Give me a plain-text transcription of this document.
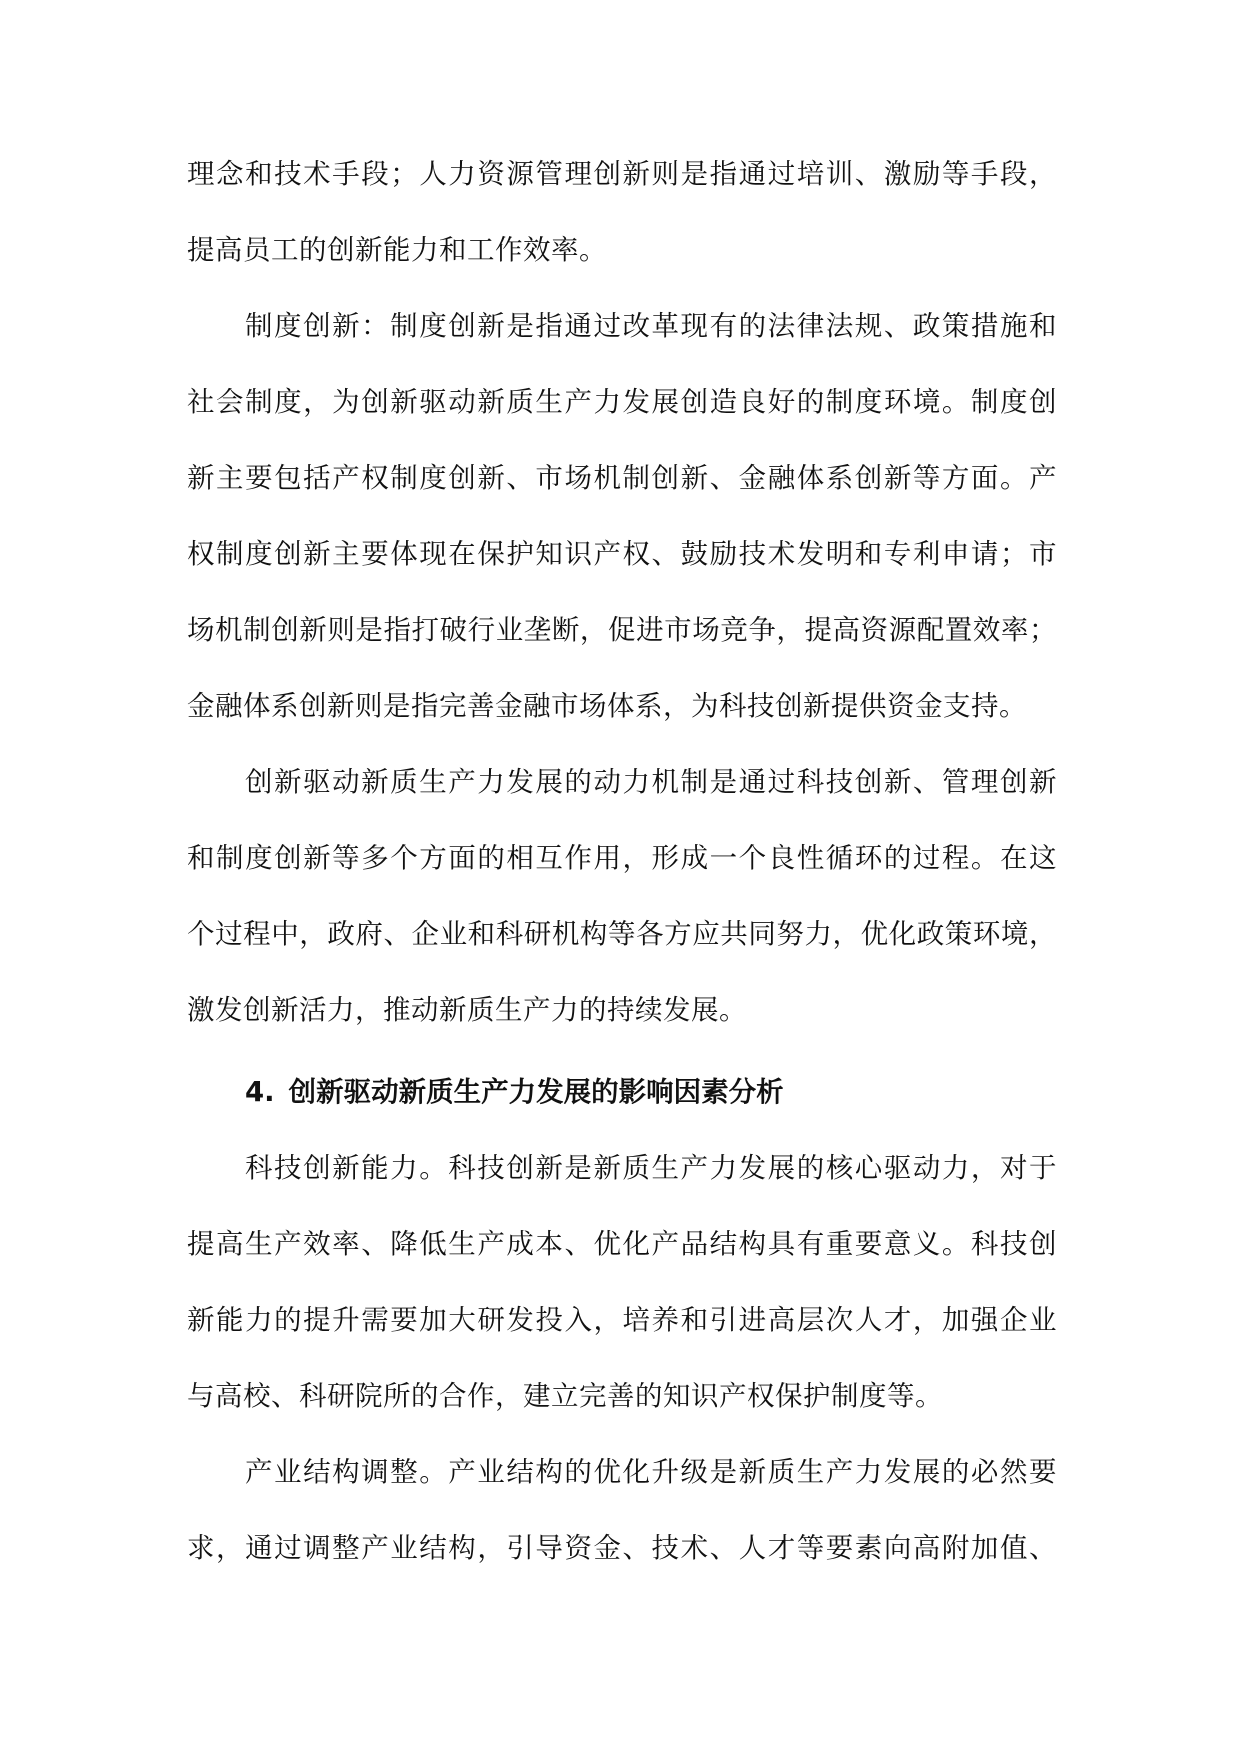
理念和技术手段；人力资源管理创新则是指通过培训、激励等手段，

提高员工的创新能力和工作效率。

制度创新：制度创新是指通过改革现有的法律法规、政策措施和

社会制度，为创新驱动新质生产力发展创造良好的制度环境。制度创

新主要包括产权制度创新、市场机制创新、金融体系创新等方面。产

权制度创新主要体现在保护知识产权、鼓励技术发明和专利申请；市

场机制创新则是指打破行业垄断，促进市场竞争，提高资源配置效率；

金融体系创新则是指完善金融市场体系，为科技创新提供资金支持。

创新驱动新质生产力发展的动力机制是通过科技创新、管理创新

和制度创新等多个方面的相互作用，形成一个良性循环的过程。在这

个过程中，政府、企业和科研机构等各方应共同努力，优化政策环境，

激发创新活力，推动新质生产力的持续发展。

4. 创新驱动新质生产力发展的影响因素分析

科技创新能力。科技创新是新质生产力发展的核心驱动力，对于

提高生产效率、降低生产成本、优化产品结构具有重要意义。科技创

新能力的提升需要加大研发投入，培养和引进高层次人才，加强企业

与高校、科研院所的合作，建立完善的知识产权保护制度等。

产业结构调整。产业结构的优化升级是新质生产力发展的必然要

求，通过调整产业结构，引导资金、技术、人才等要素向高附加值、
